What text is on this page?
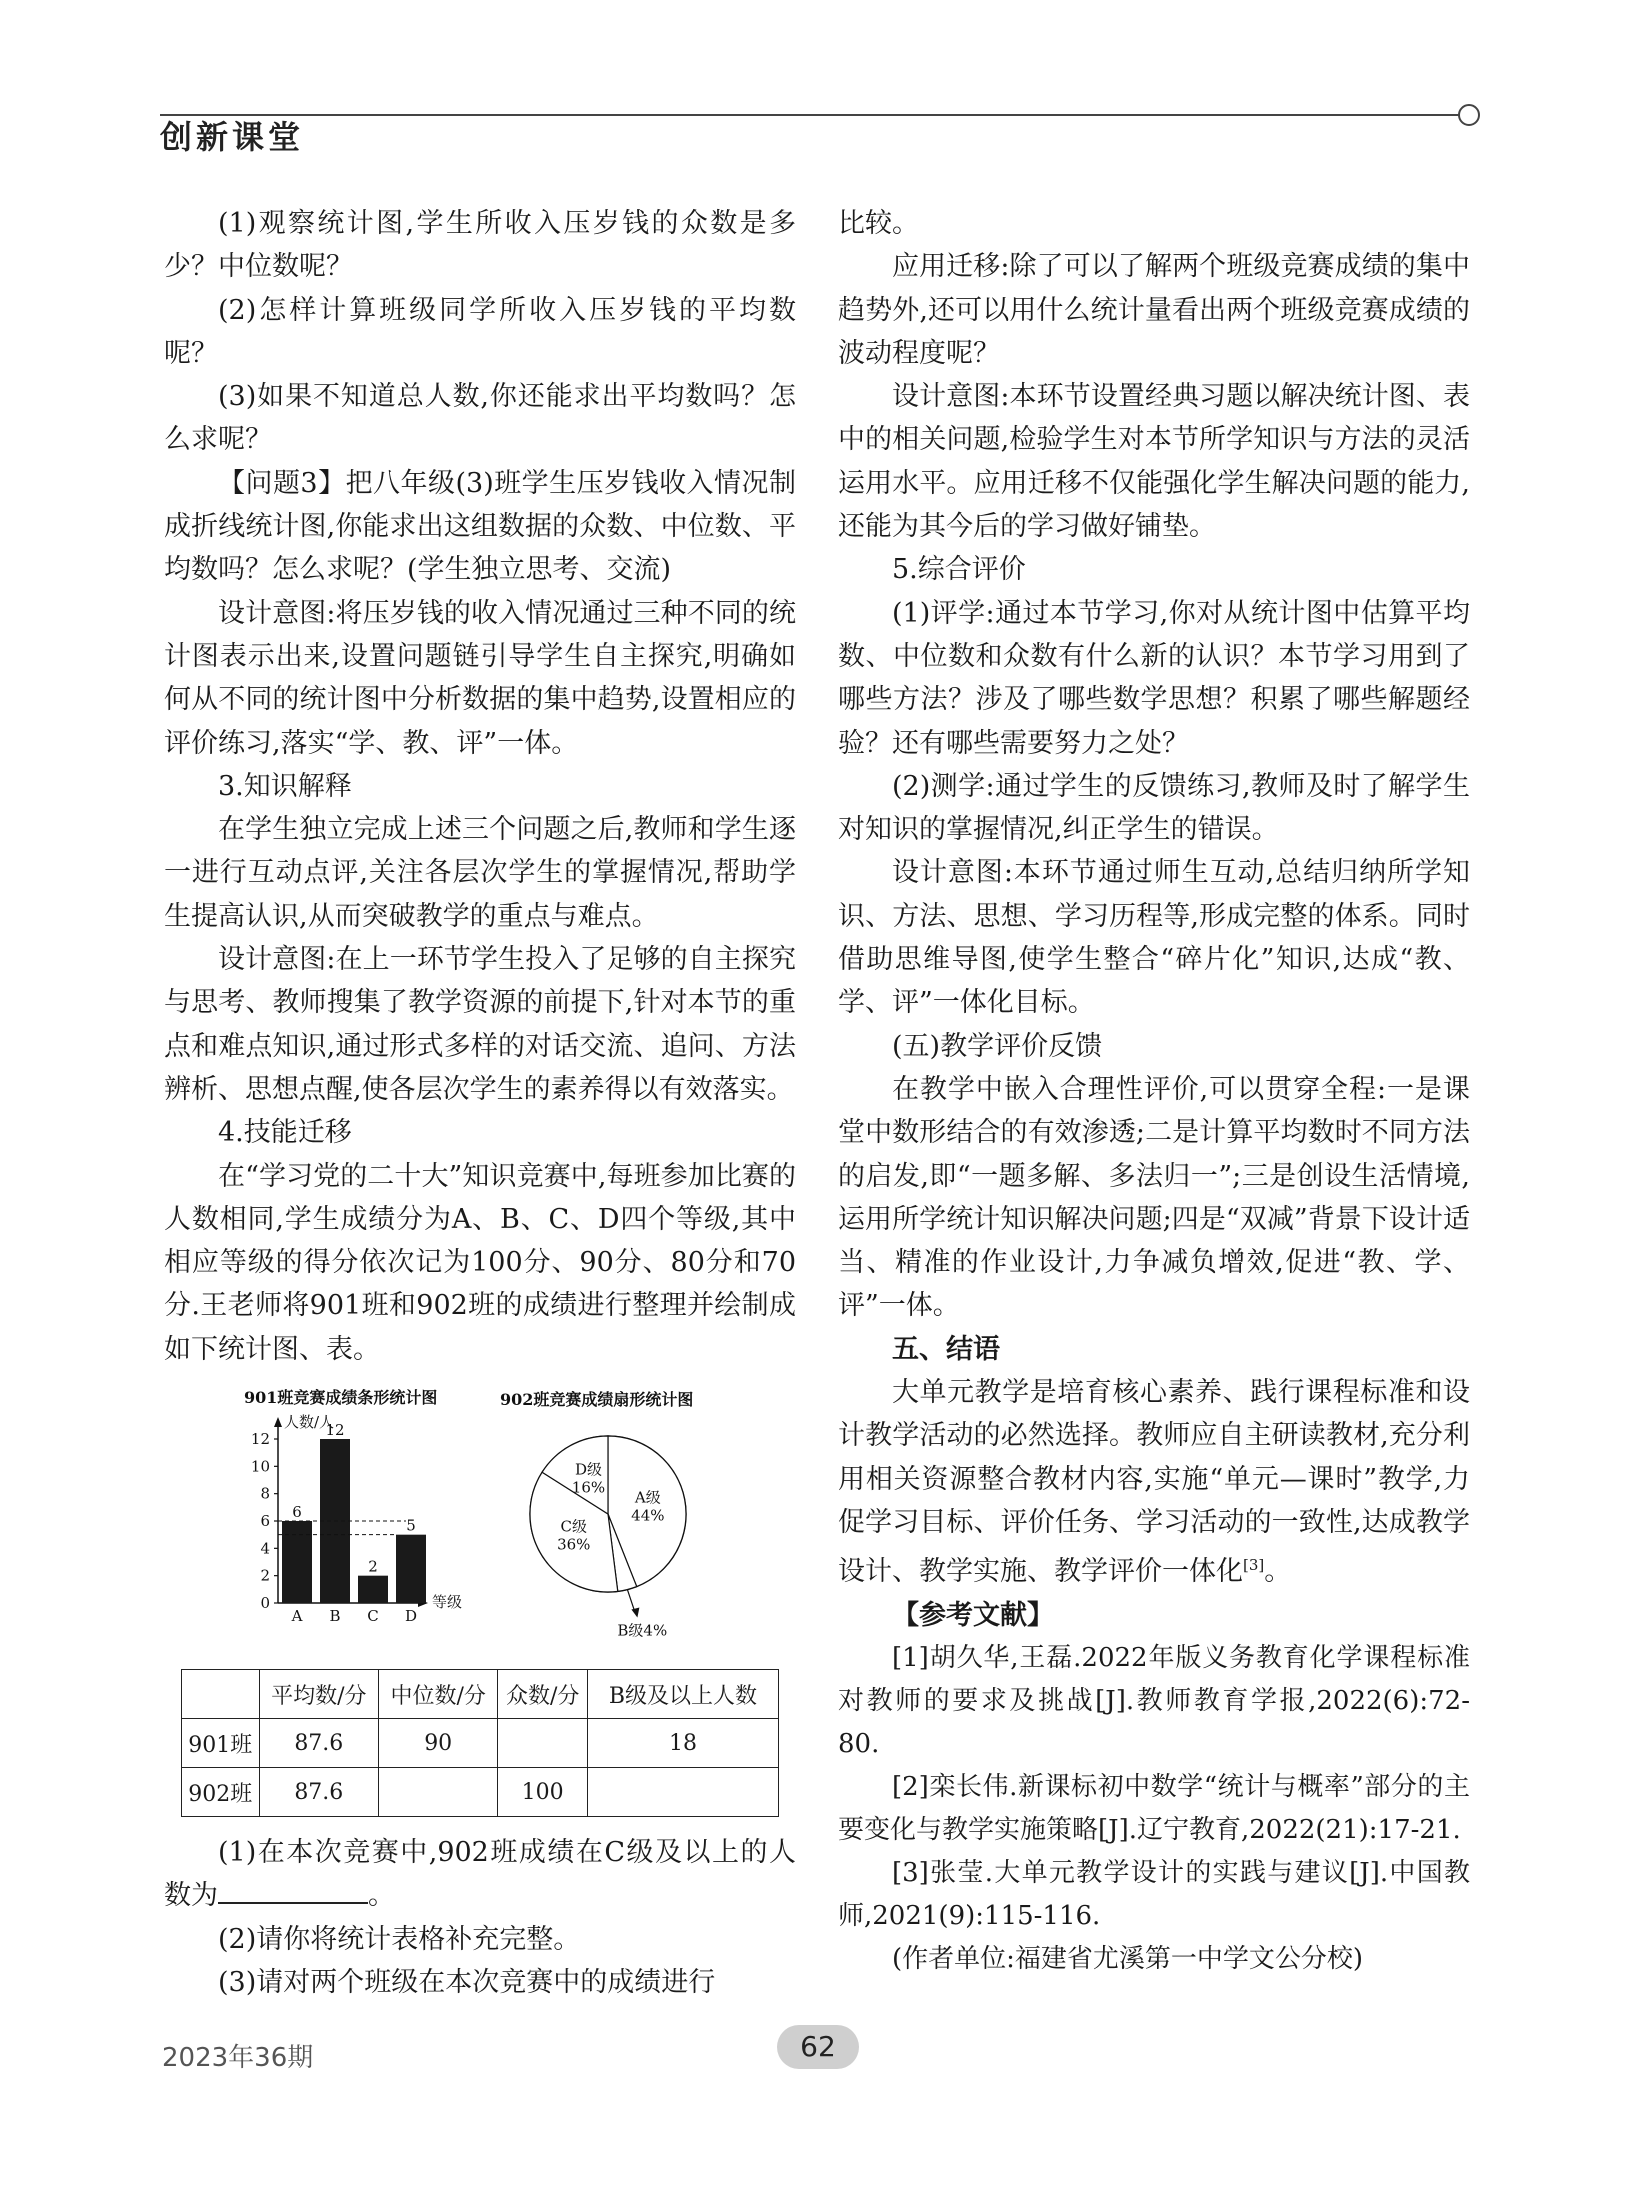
创新课堂

(1)观察统计图,学生所收入压岁钱的众数是多少？中位数呢？

(2)怎样计算班级同学所收入压岁钱的平均数呢？

(3)如果不知道总人数,你还能求出平均数吗？怎么求呢？

【问题3】把八年级(3)班学生压岁钱收入情况制成折线统计图,你能求出这组数据的众数、中位数、平均数吗？怎么求呢？(学生独立思考、交流)

设计意图:将压岁钱的收入情况通过三种不同的统计图表示出来,设置问题链引导学生自主探究,明确如何从不同的统计图中分析数据的集中趋势,设置相应的评价练习,落实“学、教、评”一体。

3.知识解释

在学生独立完成上述三个问题之后,教师和学生逐一进行互动点评,关注各层次学生的掌握情况,帮助学生提高认识,从而突破教学的重点与难点。

设计意图:在上一环节学生投入了足够的自主探究与思考、教师搜集了教学资源的前提下,针对本节的重点和难点知识,通过形式多样的对话交流、追问、方法辨析、思想点醒,使各层次学生的素养得以有效落实。

4.技能迁移

在“学习党的二十大”知识竞赛中,每班参加比赛的人数相同,学生成绩分为A、B、C、D四个等级,其中相应等级的得分依次记为100分、90分、80分和70分.王老师将901班和902班的成绩进行整理并绘制成如下统计图、表。

901班竞赛成绩条形统计图
人数/人
0
2
4
6
8
10
12
6
A
12
B
2
C
5
D
等级
902班竞赛成绩扇形统计图
A级
44%
C级
36%
D级
16%
B级4%
	平均数/分	中位数/分	众数/分	B级及以上人数
901班	87.6	90		18
902班	87.6		100	

(1)在本次竞赛中,902班成绩在C级及以上的人数为	。

(2)请你将统计表格补充完整。

(3)请对两个班级在本次竞赛中的成绩进行

比较。

应用迁移:除了可以了解两个班级竞赛成绩的集中趋势外,还可以用什么统计量看出两个班级竞赛成绩的波动程度呢？

设计意图:本环节设置经典习题以解决统计图、表中的相关问题,检验学生对本节所学知识与方法的灵活运用水平。应用迁移不仅能强化学生解决问题的能力,还能为其今后的学习做好铺垫。

5.综合评价

(1)评学:通过本节学习,你对从统计图中估算平均数、中位数和众数有什么新的认识？本节学习用到了哪些方法？涉及了哪些数学思想？积累了哪些解题经验？还有哪些需要努力之处？

(2)测学:通过学生的反馈练习,教师及时了解学生对知识的掌握情况,纠正学生的错误。

设计意图:本环节通过师生互动,总结归纳所学知识、方法、思想、学习历程等,形成完整的体系。同时借助思维导图,使学生整合“碎片化”知识,达成“教、学、评”一体化目标。

(五)教学评价反馈

在教学中嵌入合理性评价,可以贯穿全程:一是课堂中数形结合的有效渗透;二是计算平均数时不同方法的启发,即“一题多解、多法归一”;三是创设生活情境,运用所学统计知识解决问题;四是“双减”背景下设计适当、精准的作业设计,力争减负增效,促进“教、学、评”一体。

五、结语

大单元教学是培育核心素养、践行课程标准和设计教学活动的必然选择。教师应自主研读教材,充分利用相关资源整合教材内容,实施“单元—课时”教学,力促学习目标、评价任务、学习活动的一致性,达成教学设计、教学实施、教学评价一体化[3]。

【参考文献】

[1]胡久华,王磊.2022年版义务教育化学课程标准对教师的要求及挑战[J].教师教育学报,2022(6):72-80.

[2]栾长伟.新课标初中数学“统计与概率”部分的主要变化与教学实施策略[J].辽宁教育,2022(21):17-21.

[3]张莹.大单元教学设计的实践与建议[J].中国教师,2021(9):115-116.

(作者单位:福建省尤溪第一中学文公分校)

2023年36期	62
